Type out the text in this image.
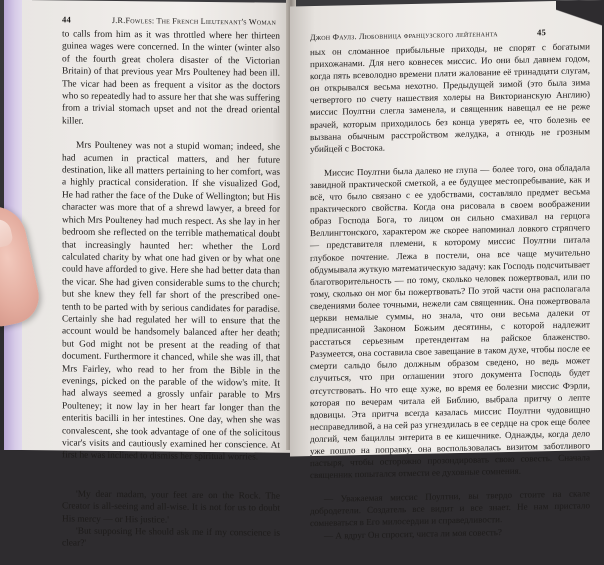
44	J.R.Fowles: The French Lieutenant's Woman

to calls from him as it was throttled where her thirteen guinea wages were concerned. In the winter (winter also of the fourth great cholera disaster of the Victorian Britain) of that previous year Mrs Poulteney had been ill. The vicar had been as frequent a visitor as the doctors who so repeatedly had to assure her that she was suffering from a trivial stomach upset and not the dread oriental killer.

Mrs Poulteney was not a stupid woman; indeed, she had acumen in practical matters, and her future destination, like all matters pertaining to her comfort, was a highly practical consideration. If she visualized God, He had rather the face of the Duke of Wellington; but His character was more that of a shrewd lawyer, a breed for which Mrs Poulteney had much respect. As she lay in her bedroom she reflected on the terrible mathematical doubt that increasingly haunted her: whether the Lord calculated charity by what one had given or by what one could have afforded to give. Here she had better data than the vicar. She had given considerable sums to the church; but she knew they fell far short of the prescribed one-tenth to be parted with by serious candidates for paradise. Certainly she had regulated her will to ensure that the account would be handsomely balanced after her death; but God might not be present at the reading of that document. Furthermore it chanced, while she was ill, that Mrs Fairley, who read to her from the Bible in the evenings, picked on the parable of the widow's mite. It had always seemed a grossly unfair parable to Mrs Poulteney; it now lay in her heart far longer than the enteritis bacilli in her intestines. One day, when she was convalescent, she took advantage of one of the solicitous vicar's visits and cautiously examined her conscience. At first he was inclined to dismiss her spiritual worries.

'My dear madam, your feet are on the Rock. The Creator is all-seeing and all-wise. It is not for us to doubt His mercy — or His justice.'

'But supposing He should ask me if my conscience is clear?'

Джон Фаулз. Любовница французского лейтенанта	45

ных он сломанное прибыльные приходы, не спорят с богатыми прихожанами. Для него ковнесек миссис. Ио они был давнем годом, когда пять всеволодно времени плати жалование её тринадцати слугам, он открывался весьма нехотно. Предыдущей зимой (это была зима четвертого по счету нашествия холеры на Викторианскую Англию) миссис Поултни слегла заменела, и священник навещал ее не реже врачей, которым приходилось без конца уверять ее, что болезнь ее вызвана обычным расстройством желудка, а отнюдь не грозным убийцей с Востока.

Миссис Поултни была далеко не глупа — более того, она обладала завидной практической сметкой, а ее будущее местопребывание, как и всё, что было связано с ее удобствами, составляло предмет весьма практического свойства. Когда она рисовала в своем воображении образ Господа Бога, то лицом он сильно смахивал на герцога Веллингтонского, характером же скорее напоминал ловкого стряпчего — представителя племени, к которому миссис Поултни питала глубокое почтение. Лежа в постели, она все чаще мучительно обдумывала жуткую математическую задачу: как Господь подсчитывает благотворительность — по тому, сколько человек пожертвовал, или по тому, сколько он мог бы пожертвовать? По этой части она располагала сведениями более точными, нежели сам священник. Она пожертвовала церкви немалые суммы, но знала, что они весьма далеки от предписанной Законом Божьим десятины, с которой надлежит расстаться серьезным претендентам на райское блаженство. Разумеется, она составила свое завещание в таком духе, чтобы после ее смерти сальдо было должным образом сведено, но ведь может случиться, что при оглашении этого документа Господь будет отсутствовать. Но что еще хуже, во время ее болезни миссис Фэрли, которая по вечерам читала ей Библию, выбрала притчу о лепте вдовицы. Эта притча всегда казалась миссис Поултни чудовищно несправедливой, а на сей раз угнездилась в ее сердце на срок еще более долгий, чем бациллы энтерита в ее кишечнике. Однажды, когда дело уже пошло на поправку, она воспользовалась визитом заботливого пастыря, чтобы осторожно прозондировать свою совесть. Сначала священник попытался отмести ее духовные сомнения.

— Уважаемая миссис Поултни, вы твердо стоите на скале добродетели. Создатель все видит и все знает. Не нам пристало сомневаться в Его милосердии и справедливости.

— А вдруг Он спросит, чиста ли моя совесть?
